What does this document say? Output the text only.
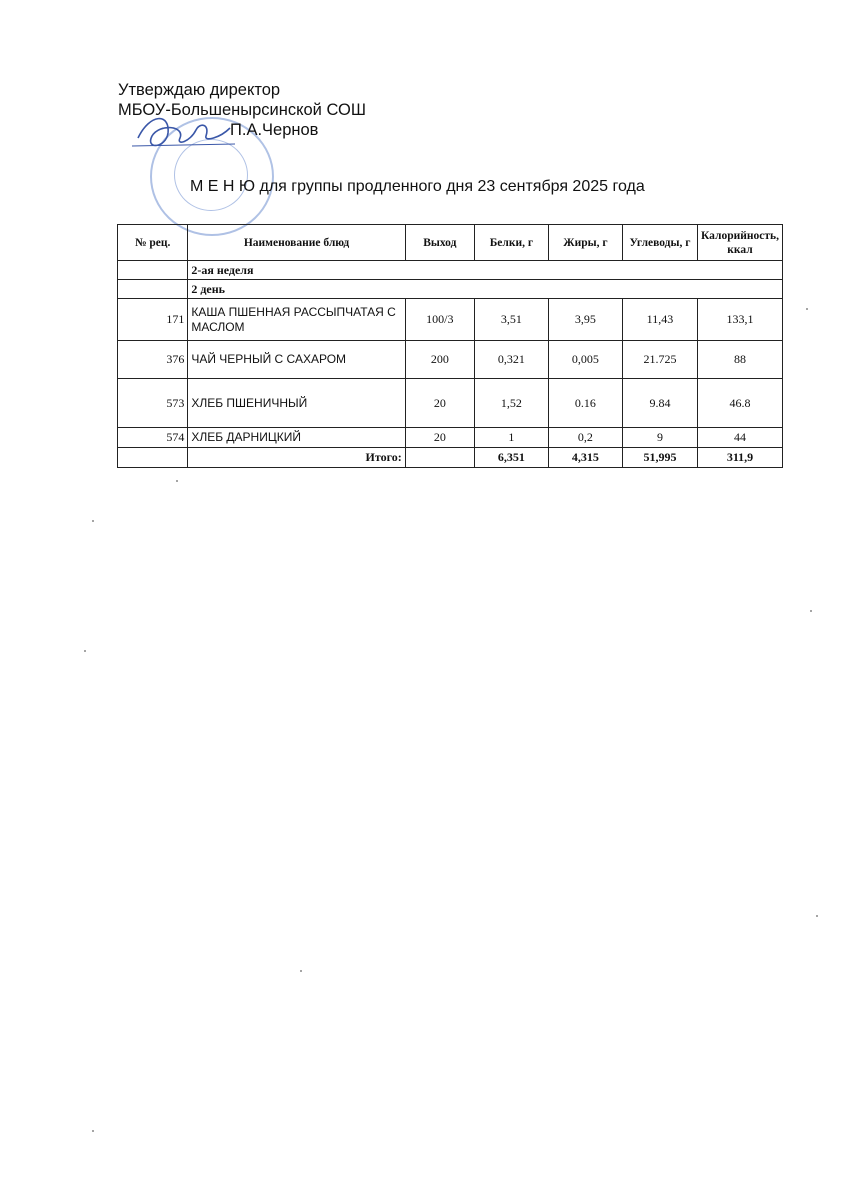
Утверждаю директор
МБОУ-Большенырсинской СОШ
П.А.Чернов
М Е Н Ю для группы продленного дня 23 сентября 2025 года
№ рец.	Наименование блюд	Выход	Белки, г	Жиры, г	Углеводы, г	Калорийность, ккал
	2-ая неделя					
	2 день					
171	КАША ПШЕННАЯ РАССЫПЧАТАЯ С МАСЛОМ	100/3	3,51	3,95	11,43	133,1
376	ЧАЙ ЧЕРНЫЙ С САХАРОМ	200	0,321	0,005	21.725	88
573	ХЛЕБ ПШЕНИЧНЫЙ	20	1,52	0.16	9.84	46.8
574	ХЛЕБ ДАРНИЦКИЙ	20	1	0,2	9	44
	Итого:		6,351	4,315	51,995	311,9
